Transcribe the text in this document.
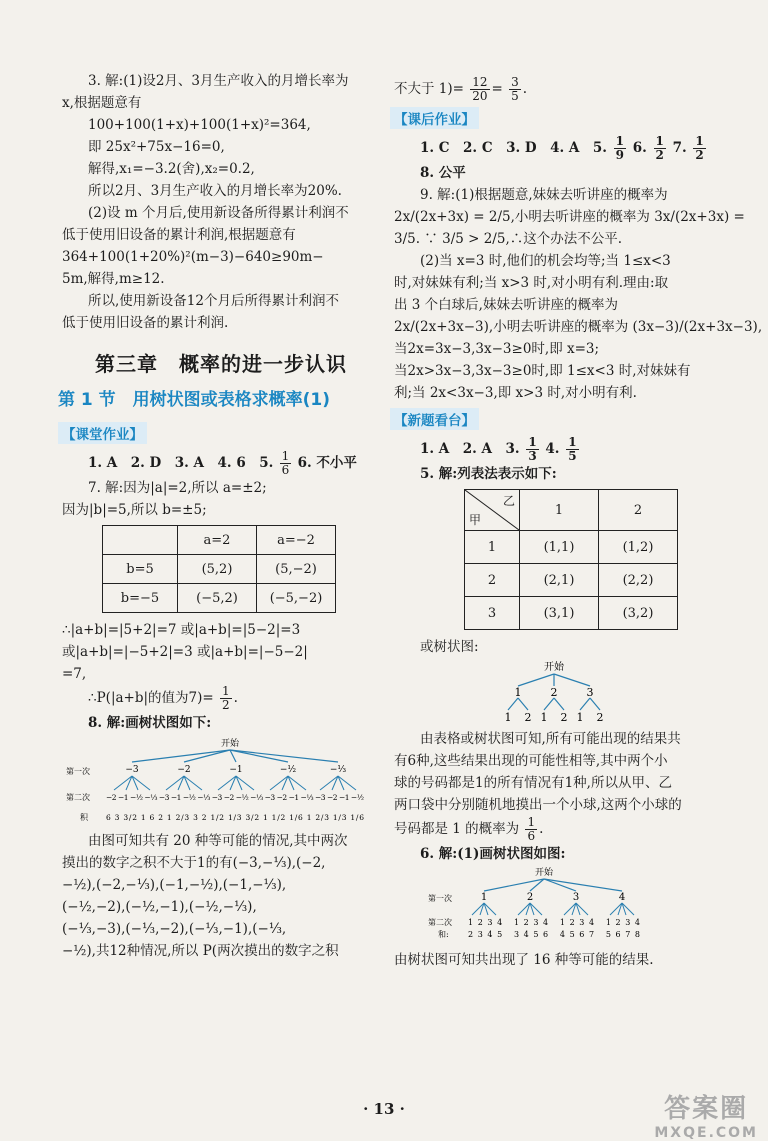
3. 解:(1)设2月、3月生产收入的月增长率为
x,根据题意有
100+100(1+x)+100(1+x)²=364,
即 25x²+75x−16=0,
解得,x₁=−3.2(舍),x₂=0.2,
所以2月、3月生产收入的月增长率为20%.
(2)设 m 个月后,使用新设备所得累计利润不
低于使用旧设备的累计利润,根据题意有
364+100(1+20%)²(m−3)−640≥90m−
5m,解得,m≥12.
所以,使用新设备12个月后所得累计利润不
低于使用旧设备的累计利润.
第三章　概率的进一步认识
第 1 节　用树状图或表格求概率(1)
【课堂作业】
1. A　2. D　3. A　4. 6　5. $\frac{1}{6} 6$. 不小平
7. 解:因为|a|=2,所以 a=±2;
因为|b|=5,所以 b=±5;
	a=2	a=−2
b=5	(5,2)	(5,−2)
b=−5	(−5,2)	(−5,−2)
∴|a+b|=|5+2|=7 或|a+b|=|5−2|=3
或|a+b|=|−5+2|=3 或|a+b|=|−5−2|
=7,
∴P(|a+b|的值为$7)= \frac{1}{2}$ .
8. 解:画树状图如下:
开始
第一次	−3	−2	−1	−½	−⅓
第二次 −2 −1 −½ −⅓ −3 −1 −½ −⅓ −3 −2 −½ −⅓ −3 −2 −1 −⅓ −3 −2 −1 −½
积 6 3 3/2 1 6 2 1 2/3 3 2 1/2 1/3 3/2 1 1/2 1/6 1 2/3 1/3 1/6
由图可知共有 20 种等可能的情况,其中两次
摸出的数字之积不大于1的有(−3,−⅓),(−2,
−½),(−2,−⅓),(−1,−½),(−1,−⅓),
(−½,−2),(−½,−1),(−½,−⅓),
(−⅓,−3),(−⅓,−2),(−⅓,−1),(−⅓,
−½),共12种情况,所以 P(两次摸出的数字之积
不大于 $1)= \frac{12}{20} = \frac{3}{5}$ .
【课后作业】
1. C　2. C　3. D　4. A　5. $\frac{1}{9} 6$. $\frac{1}{2} 7$. $\frac{1}{2}$
8. 公平
9. 解:(1)根据题意,妹妹去听讲座的概率为
2x/(2x+3x) = 2/5,小明去听讲座的概率为 3x/(2x+3x) =
3/5. ∵ 3/5 > 2/5,∴这个办法不公平.
(2)当 x=3 时,他们的机会均等;当 1≤x<3
时,对妹妹有利;当 x>3 时,对小明有利.理由:取
出 3 个白球后,妹妹去听讲座的概率为
2x/(2x+3x−3),小明去听讲座的概率为 (3x−3)/(2x+3x−3),
当2x=3x−3,3x−3≥0时,即 x=3;
当2x>3x−3,3x−3≥0时,即 1≤x<3 时,对妹妹有
利;当 2x<3x−3,即 x>3 时,对小明有利.
【新题看台】
1. A　2. A　3. $\frac{1}{3} 4$. $\frac{1}{5}$
5. 解:列表法表示如下:
乙
甲	1	2
1	(1,1)	(1,2)
2	(2,1)	(2,2)
3	(3,1)	(3,2)
或树状图:
开始
1	2	3
1 2 1 2 1 2
由表格或树状图可知,所有可能出现的结果共
有6种,这些结果出现的可能性相等,其中两个小
球的号码都是1的所有情况有1种,所以从甲、乙
两口袋中分别随机地摸出一个小球,这两个小球的
号码都是 1 的概率为 $\frac{1}{6}$ .
6. 解:(1)画树状图如图:
开始
第一次	1	2	3	4
第二次 1234 1234 1234 1234
和: 2345 3456 4567 5678
由树状图可知共出现了 16 种等可能的结果.
· 13 ·	答案圈
MXQE.COM
